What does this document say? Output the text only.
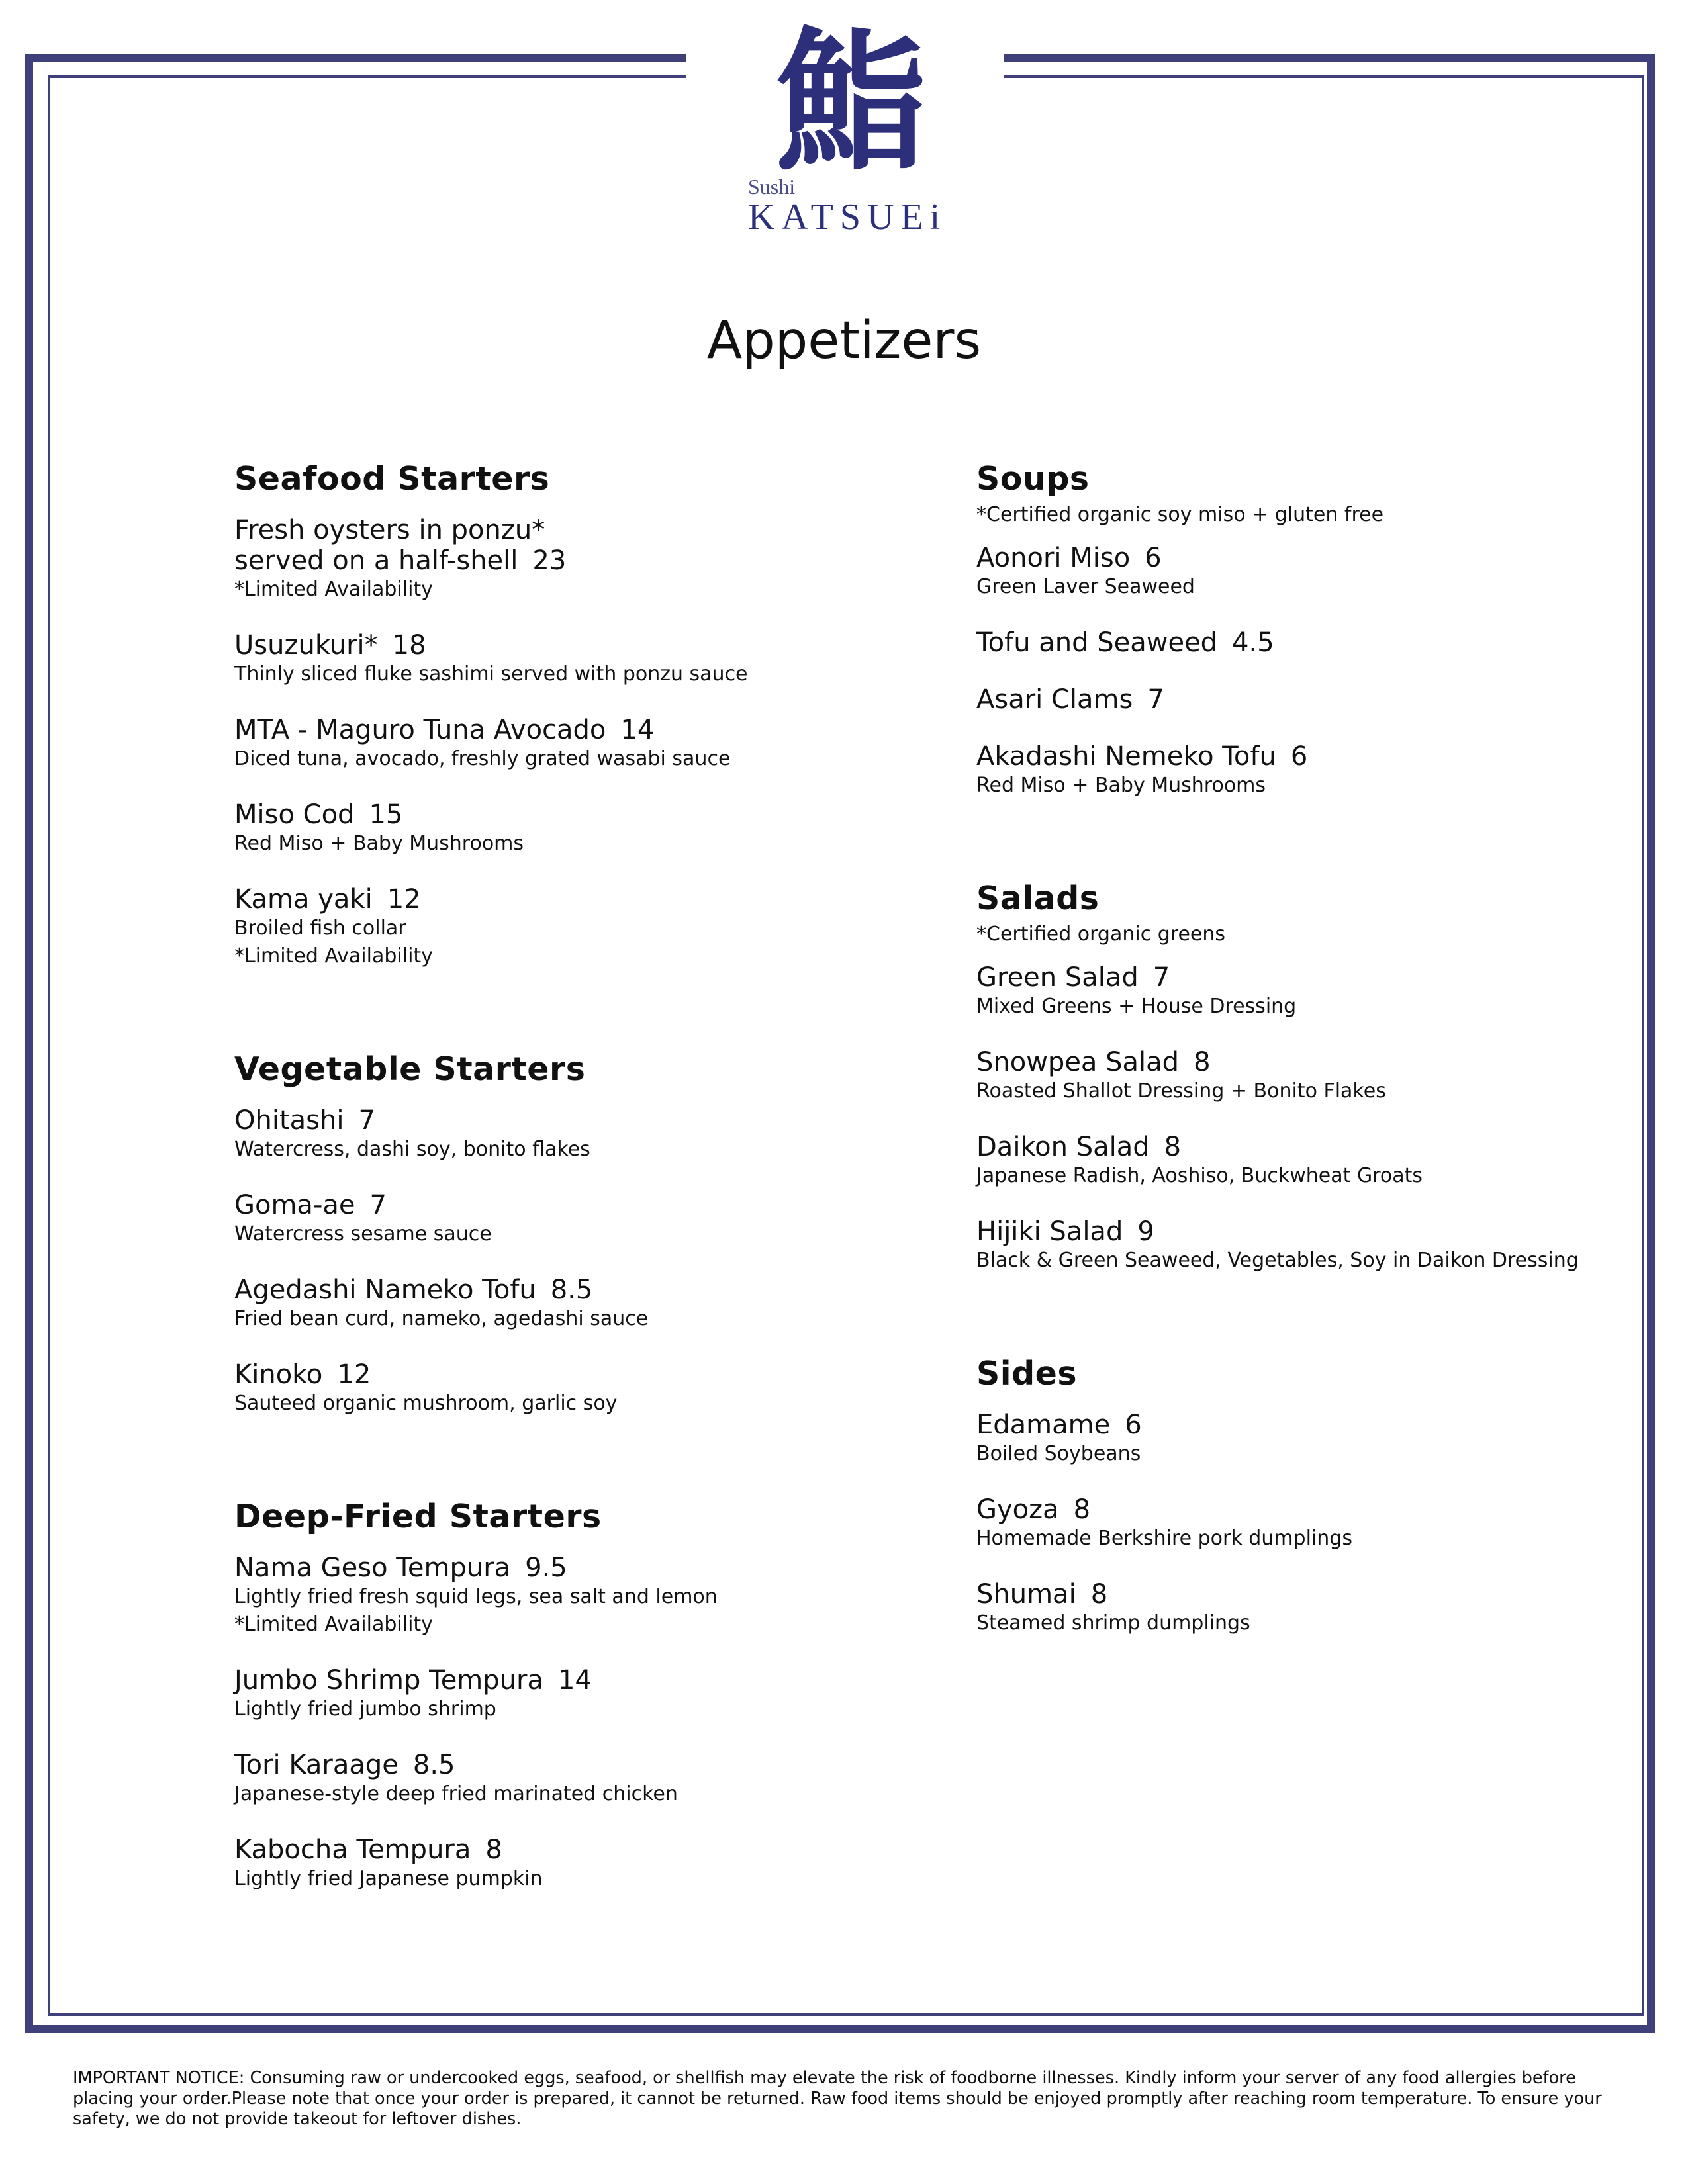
鮨
Sushi
KATSUEi
Appetizers
Seafood Starters
Fresh oysters in ponzu*
served on a half-shell 23
*Limited Availability
Usuzukuri* 18
Thinly sliced fluke sashimi served with ponzu sauce
MTA - Maguro Tuna Avocado 14
Diced tuna, avocado, freshly grated wasabi sauce
Miso Cod 15
Red Miso + Baby Mushrooms
Kama yaki 12
Broiled fish collar
*Limited Availability
Vegetable Starters
Ohitashi 7
Watercress, dashi soy, bonito flakes
Goma-ae 7
Watercress sesame sauce
Agedashi Nameko Tofu 8.5
Fried bean curd, nameko, agedashi sauce
Kinoko 12
Sauteed organic mushroom, garlic soy
Deep-Fried Starters
Nama Geso Tempura 9.5
Lightly fried fresh squid legs, sea salt and lemon
*Limited Availability
Jumbo Shrimp Tempura 14
Lightly fried jumbo shrimp
Tori Karaage 8.5
Japanese-style deep fried marinated chicken
Kabocha Tempura 8
Lightly fried Japanese pumpkin
Soups
*Certified organic soy miso + gluten free
Aonori Miso 6
Green Laver Seaweed
Tofu and Seaweed 4.5
Asari Clams 7
Akadashi Nemeko Tofu 6
Red Miso + Baby Mushrooms
Salads
*Certified organic greens
Green Salad 7
Mixed Greens + House Dressing
Snowpea Salad 8
Roasted Shallot Dressing + Bonito Flakes
Daikon Salad 8
Japanese Radish, Aoshiso, Buckwheat Groats
Hijiki Salad 9
Black & Green Seaweed, Vegetables, Soy in Daikon Dressing
Sides
Edamame 6
Boiled Soybeans
Gyoza 8
Homemade Berkshire pork dumplings
Shumai 8
Steamed shrimp dumplings
IMPORTANT NOTICE: Consuming raw or undercooked eggs, seafood, or shellfish may elevate the risk of foodborne illnesses. Kindly inform your server of any food allergies before placing your order.Please note that once your order is prepared, it cannot be returned. Raw food items should be enjoyed promptly after reaching room temperature. To ensure your safety, we do not provide takeout for leftover dishes.
